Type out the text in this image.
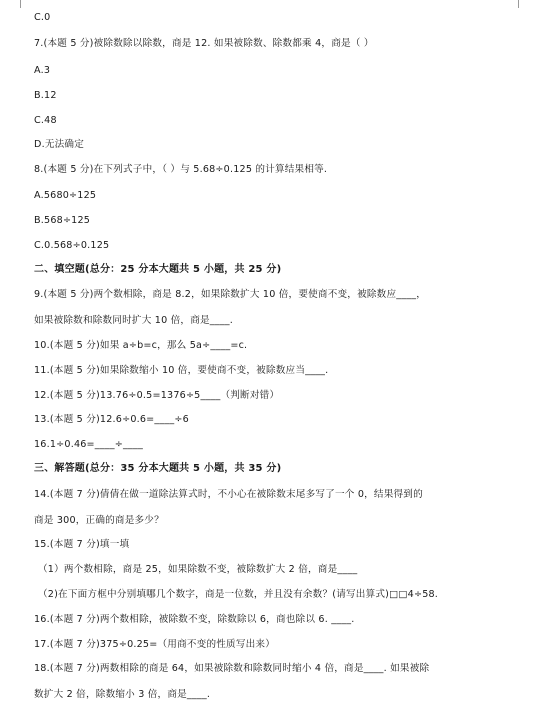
C.0
7.(本题 5 分)被除数除以除数，商是 12. 如果被除数、除数都乘 4，商是（ ）
A.3
B.12
C.48
D.无法确定
8.(本题 5 分)在下列式子中，（ ）与 5.68÷0.125 的计算结果相等.
A.5680÷125
B.568÷125
C.0.568÷0.125
二、填空题(总分：25 分本大题共 5 小题，共 25 分)
9.(本题 5 分)两个数相除，商是 8.2，如果除数扩大 10 倍，要使商不变，被除数应____，
如果被除数和除数同时扩大 10 倍，商是____.
10.(本题 5 分)如果 a÷b=c，那么 5a÷____=c.
11.(本题 5 分)如果除数缩小 10 倍，要使商不变，被除数应当____.
12.(本题 5 分)13.76÷0.5=1376÷5____（判断对错）
13.(本题 5 分)12.6÷0.6=____÷6
16.1÷0.46=____÷____
三、解答题(总分：35 分本大题共 5 小题，共 35 分)
14.(本题 7 分)倩倩在做一道除法算式时，不小心在被除数末尾多写了一个 0，结果得到的
商是 300，正确的商是多少？
15.(本题 7 分)填一填
（1）两个数相除，商是 25，如果除数不变，被除数扩大 2 倍，商是____
（2)在下面方框中分别填哪几个数字，商是一位数，并且没有余数？(请写出算式)□□4÷58.
16.(本题 7 分)两个数相除，被除数不变，除数除以 6，商也除以 6. ____.
17.(本题 7 分)375÷0.25=（用商不变的性质写出来）
18.(本题 7 分)两数相除的商是 64，如果被除数和除数同时缩小 4 倍，商是____. 如果被除
数扩大 2 倍，除数缩小 3 倍，商是____.
